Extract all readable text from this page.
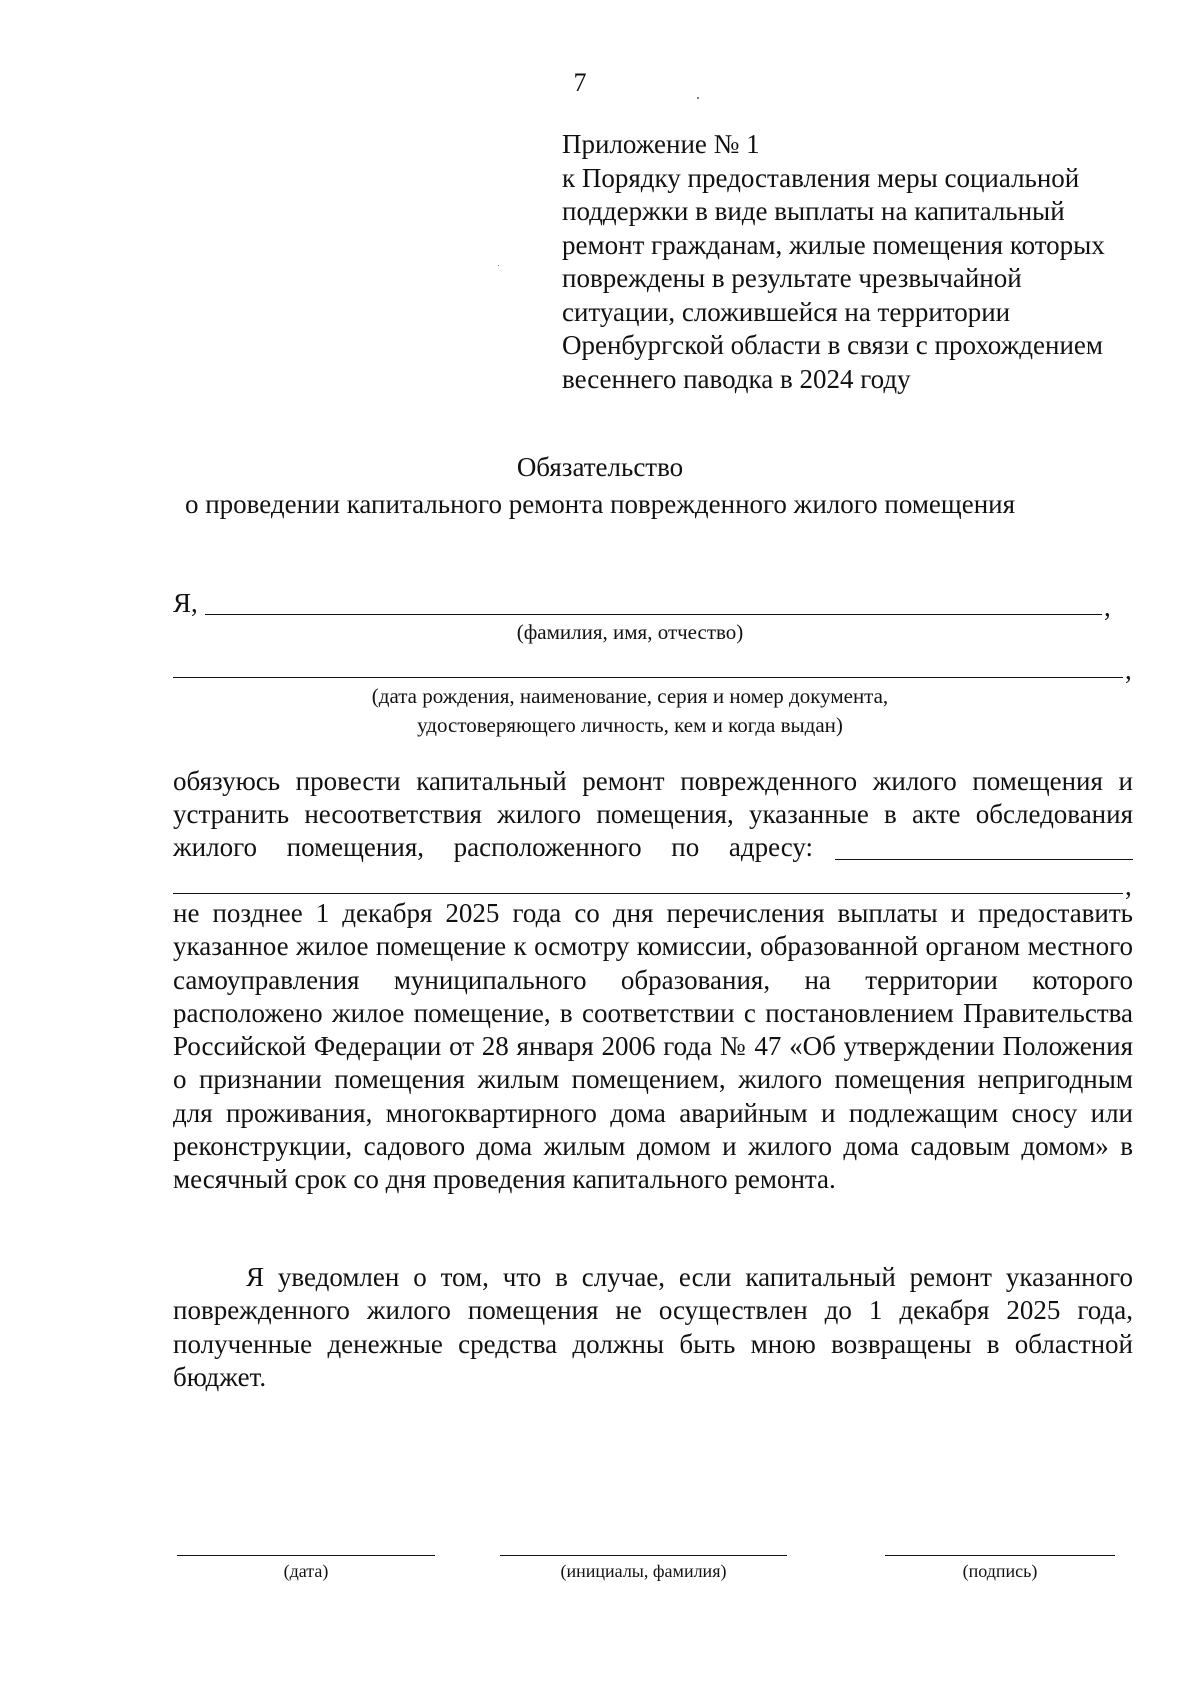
7
Приложение № 1
к Порядку предоставления меры социальной
поддержки в виде выплаты на капитальный
ремонт гражданам, жилые помещения которых
повреждены в результате чрезвычайной
ситуации, сложившейся на территории
Оренбургской области в связи с прохождением
весеннего паводка в 2024 году
Обязательство
о проведении капитального ремонта поврежденного жилого помещения
Я,	,
(фамилия, имя, отчество)
,
(дата рождения, наименование, серия и номер документа,
удостоверяющего личность, кем и когда выдан)
обязуюсь провести капитальный ремонт поврежденного жилого помещения и
устранить несоответствия жилого помещения, указанные в акте обследования
жилого помещения, расположенного по адресу:
,
не позднее 1 декабря 2025 года со дня перечисления выплаты и предоставить указанное жилое помещение к осмотру комиссии, образованной органом местного самоуправления муниципального образования, на территории которого расположено жилое помещение, в соответствии с постановлением Правительства Российской Федерации от 28 января 2006 года № 47 «Об утверждении Положения о признании помещения жилым помещением, жилого помещения непригодным для проживания, многоквартирного дома аварийным и подлежащим сносу или реконструкции, садового дома жилым домом и жилого дома садовым домом» в месячный срок со дня проведения капитального ремонта.
Я уведомлен о том, что в случае, если капитальный ремонт указанного поврежденного жилого помещения не осуществлен до 1 декабря 2025 года, полученные денежные средства должны быть мною возвращены в областной бюджет.
(дата)	(инициалы, фамилия)	(подпись)
